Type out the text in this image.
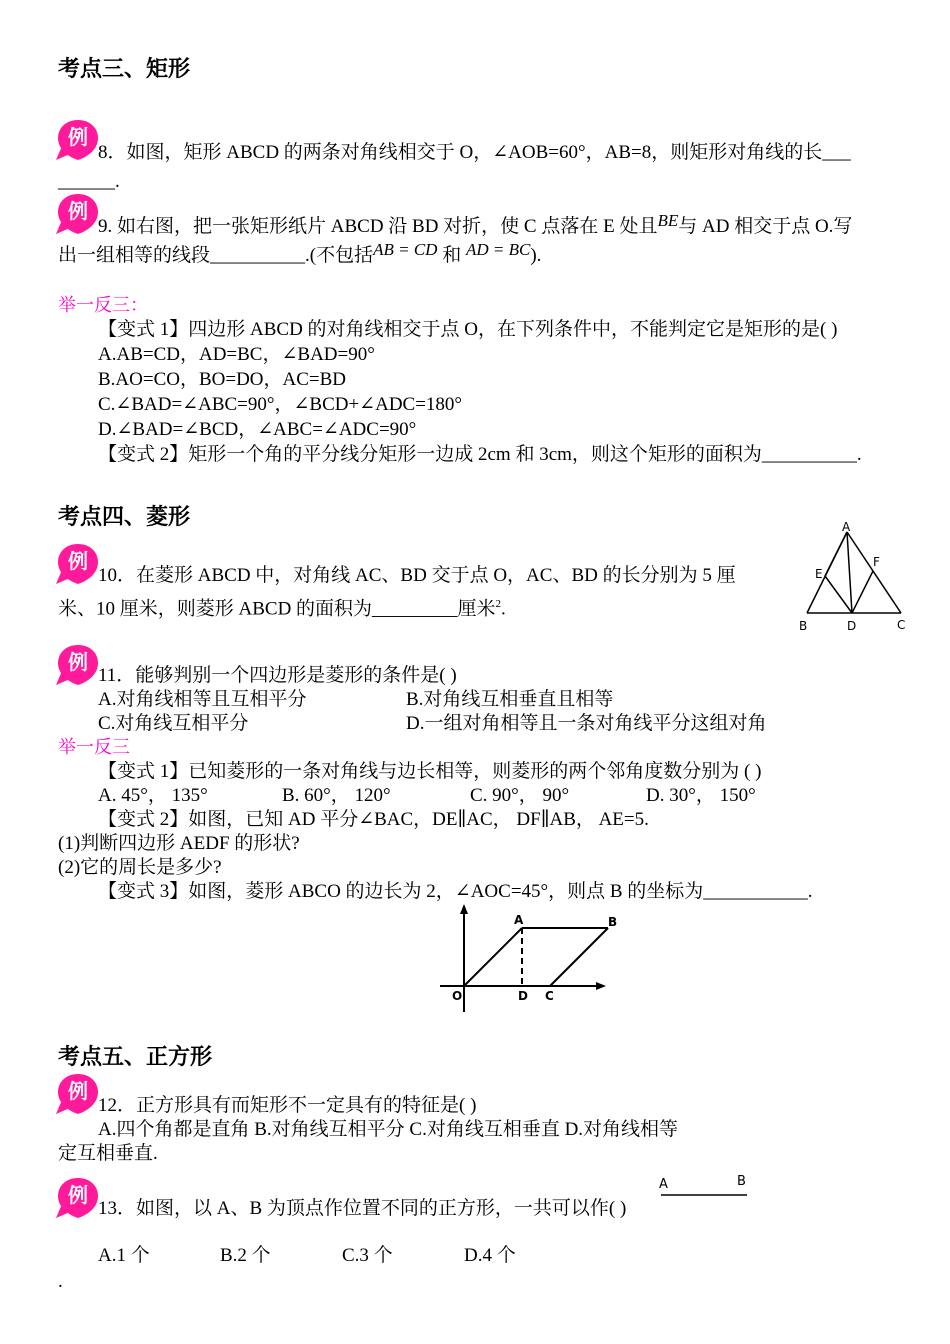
考点三、矩形
例
8．如图，矩形 ABCD 的两条对角线相交于 O，∠AOB=60°，AB=8，则矩形对角线的长___
______.
例
9. 如右图，把一张矩形纸片 ABCD 沿 BD 对折，使 C 点落在 E 处且BE与 AD 相交于点 O.写
出一组相等的线段__________.(不包括AB = CD 和 AD = BC).
举一反三：
【变式 1】四边形 ABCD 的对角线相交于点 O，在下列条件中，不能判定它是矩形的是( )
A.AB=CD，AD=BC，∠BAD=90°
B.AO=CO，BO=DO，AC=BD
C.∠BAD=∠ABC=90°，∠BCD+∠ADC=180°
D.∠BAD=∠BCD，∠ABC=∠ADC=90°
【变式 2】矩形一个角的平分线分矩形一边成 2cm 和 3cm，则这个矩形的面积为__________.
考点四、菱形
例
10．在菱形 ABCD 中，对角线 AC、BD 交于点 O，AC、BD 的长分别为 5 厘
米、10 厘米，则菱形 ABCD 的面积为_________厘米$^2$.
A
E
F
B	D	C
例
11．能够判别一个四边形是菱形的条件是( )
A.对角线相等且互相平分	B.对角线互相垂直且相等
C.对角线互相平分	D.一组对角相等且一条对角线平分这组对角
举一反三
【变式 1】已知菱形的一条对角线与边长相等，则菱形的两个邻角度数分别为 ( )
A. 45°， 135°	B. 60°， 120°	C. 90°， 90°	D. 30°， 150°
【变式 2】如图，已知 AD 平分∠BAC，DE∥AC， DF∥AB， AE=5.
(1)判断四边形 AEDF 的形状?
(2)它的周长是多少?
【变式 3】如图，菱形 ABCO 的边长为 2，∠AOC=45°，则点 B 的坐标为___________.
O
A	B
D C
考点五、正方形
例
12．正方形具有而矩形不一定具有的特征是( )
A.四个角都是直角 B.对角线互相平分 C.对角线互相垂直 D.对角线相等
定互相垂直.
例
13．如图，以 A、B 为顶点作位置不同的正方形，一共可以作( )
A	B
A.1 个	B.2 个	C.3 个	D.4 个
.
